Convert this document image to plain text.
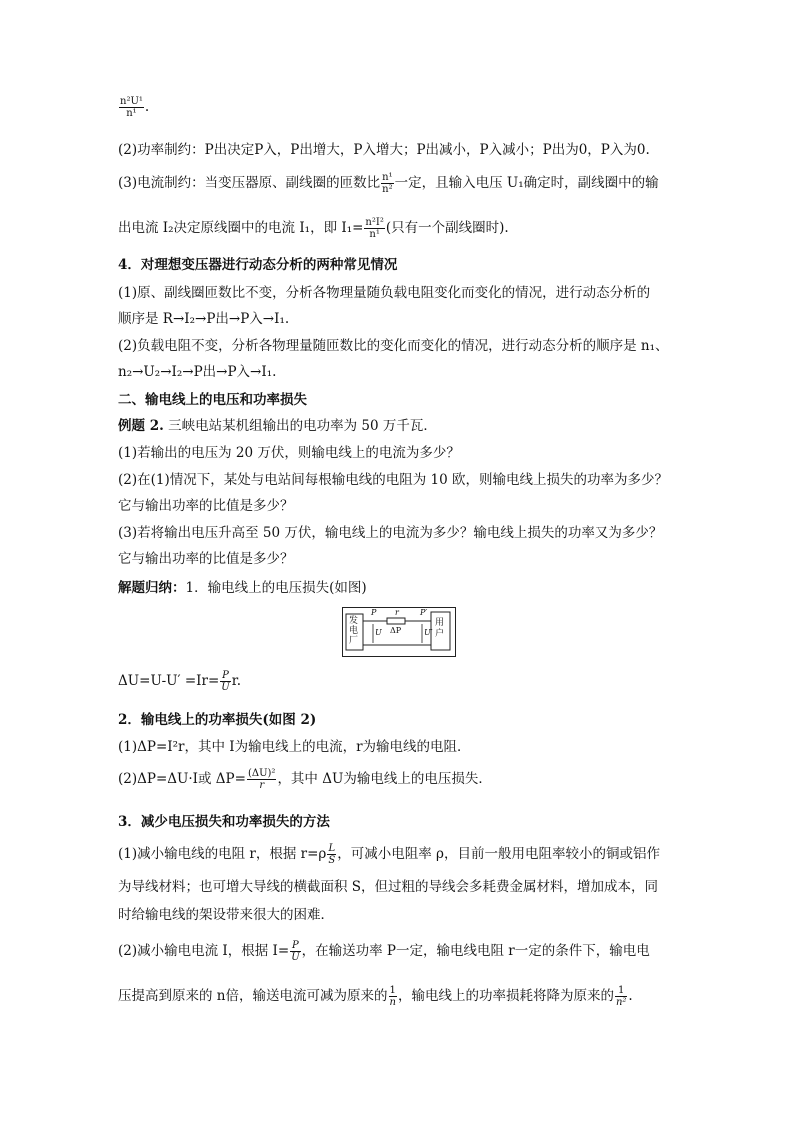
$\frac{\text{n²U¹}}{\text{n¹}}$ .
(2)功率制约：P出决定P入，P出增大，P入增大；P出减小，P入减小；P出为0，P入为0.
(3)电流制约：当变压器原、副线圈的匝数比 $\frac{\text{n¹}}{\text{n²}}$ 一定，且输入电压 U₁确定时，副线圈中的输
出电流 I₂决定原线圈中的电流 I₁，即 $I_1= \frac{\text{n²I²}}{\text{n¹}}$ (只有一个副线圈时).
4．对理想变压器进行动态分析的两种常见情况
(1)原、副线圈匝数比不变，分析各物理量随负载电阻变化而变化的情况，进行动态分析的
顺序是 R→I₂→P出→P入→I₁.
(2)负载电阻不变，分析各物理量随匝数比的变化而变化的情况，进行动态分析的顺序是 n₁、
n₂→U₂→I₂→P出→P入→I₁.
二、输电线上的电压和功率损失
例题 2. 三峡电站某机组输出的电功率为 50 万千瓦．
(1)若输出的电压为 20 万伏，则输电线上的电流为多少？
(2)在(1)情况下，某处与电站间每根输电线的电阻为 10 欧，则输电线上损失的功率为多少？
它与输出功率的比值是多少？
(3)若将输出电压升高至 50 万伏，输电线上的电流为多少？输电线上损失的功率又为多少？
它与输出功率的比值是多少？
解题归纳：1．输电线上的电压损失(如图)
发电厂
用户
P	P′
r
ΔP
U	U′
$\Delta U=U-U' =Ir= \frac{P}{U} r$.
2．输电线上的功率损失(如图 2)
(1)ΔP=I²r，其中 I为输电线上的电流，r为输电线的电阻．
(2)ΔP=ΔU·I或 $\Delta P= \frac{\text{(ΔU)²}}{r}$ ，其中 ΔU为输电线上的电压损失．
3．减少电压损失和功率损失的方法
(1)减小输电线的电阻 r，根据 $r=\rho \frac{L}{S}$ ，可减小电阻率 ρ，目前一般用电阻率较小的铜或铝作
为导线材料；也可增大导线的横截面积 S，但过粗的导线会多耗费金属材料，增加成本，同
时给输电线的架设带来很大的困难．
(2)减小输电电流 I，根据 $I= \frac{P}{U}$ ，在输送功率 P一定，输电线电阻 r一定的条件下，输电电
压提高到原来的 n倍，输送电流可减为原来的 $\frac{1}{n}$ ，输电线上的功率损耗将降为原来的 $\frac{1}{\text{n²}}$ .
